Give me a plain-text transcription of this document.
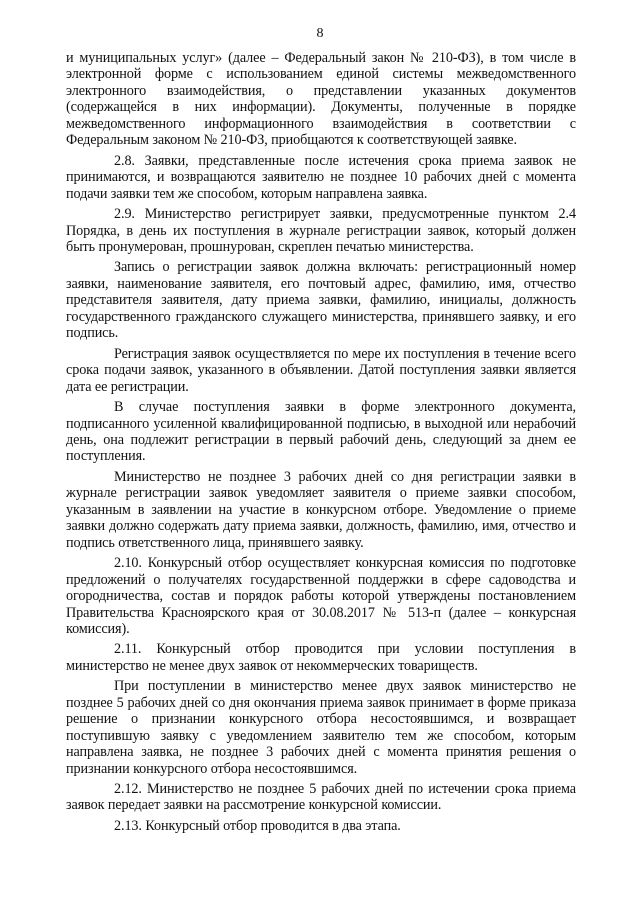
8

и муниципальных услуг» (далее – Федеральный закон № 210-ФЗ), в том числе в электронной форме с использованием единой системы межведомственного электронного взаимодействия, о представлении указанных документов (содержащейся в них информации). Документы, полученные в порядке межведомственного информационного взаимодействия в соответствии с Федеральным законом № 210-ФЗ, приобщаются к соответствующей заявке.

2.8. Заявки, представленные после истечения срока приема заявок не принимаются, и возвращаются заявителю не позднее 10 рабочих дней с момента подачи заявки тем же способом, которым направлена заявка.

2.9. Министерство регистрирует заявки, предусмотренные пунктом 2.4 Порядка, в день их поступления в журнале регистрации заявок, который должен быть пронумерован, прошнурован, скреплен печатью министерства.

Запись о регистрации заявок должна включать: регистрационный номер заявки, наименование заявителя, его почтовый адрес, фамилию, имя, отчество представителя заявителя, дату приема заявки, фамилию, инициалы, должность государственного гражданского служащего министерства, принявшего заявку, и его подпись.

Регистрация заявок осуществляется по мере их поступления в течение всего срока подачи заявок, указанного в объявлении. Датой поступления заявки является дата ее регистрации.

В случае поступления заявки в форме электронного документа, подписанного усиленной квалифицированной подписью, в выходной или нерабочий день, она подлежит регистрации в первый рабочий день, следующий за днем ее поступления.

Министерство не позднее 3 рабочих дней со дня регистрации заявки в журнале регистрации заявок уведомляет заявителя о приеме заявки способом, указанным в заявлении на участие в конкурсном отборе. Уведомление о приеме заявки должно содержать дату приема заявки, должность, фамилию, имя, отчество и подпись ответственного лица, принявшего заявку.

2.10. Конкурсный отбор осуществляет конкурсная комиссия по подготовке предложений о получателях государственной поддержки в сфере садоводства и огородничества, состав и порядок работы которой утверждены постановлением Правительства Красноярского края от 30.08.2017 № 513-п (далее – конкурсная комиссия).

2.11. Конкурсный отбор проводится при условии поступления в министерство не менее двух заявок от некоммерческих товариществ.

При поступлении в министерство менее двух заявок министерство не позднее 5 рабочих дней со дня окончания приема заявок принимает в форме приказа решение о признании конкурсного отбора несостоявшимся, и возвращает поступившую заявку с уведомлением заявителю тем же способом, которым направлена заявка, не позднее 3 рабочих дней с момента принятия решения о признании конкурсного отбора несостоявшимся.

2.12. Министерство не позднее 5 рабочих дней по истечении срока приема заявок передает заявки на рассмотрение конкурсной комиссии.

2.13. Конкурсный отбор проводится в два этапа.
